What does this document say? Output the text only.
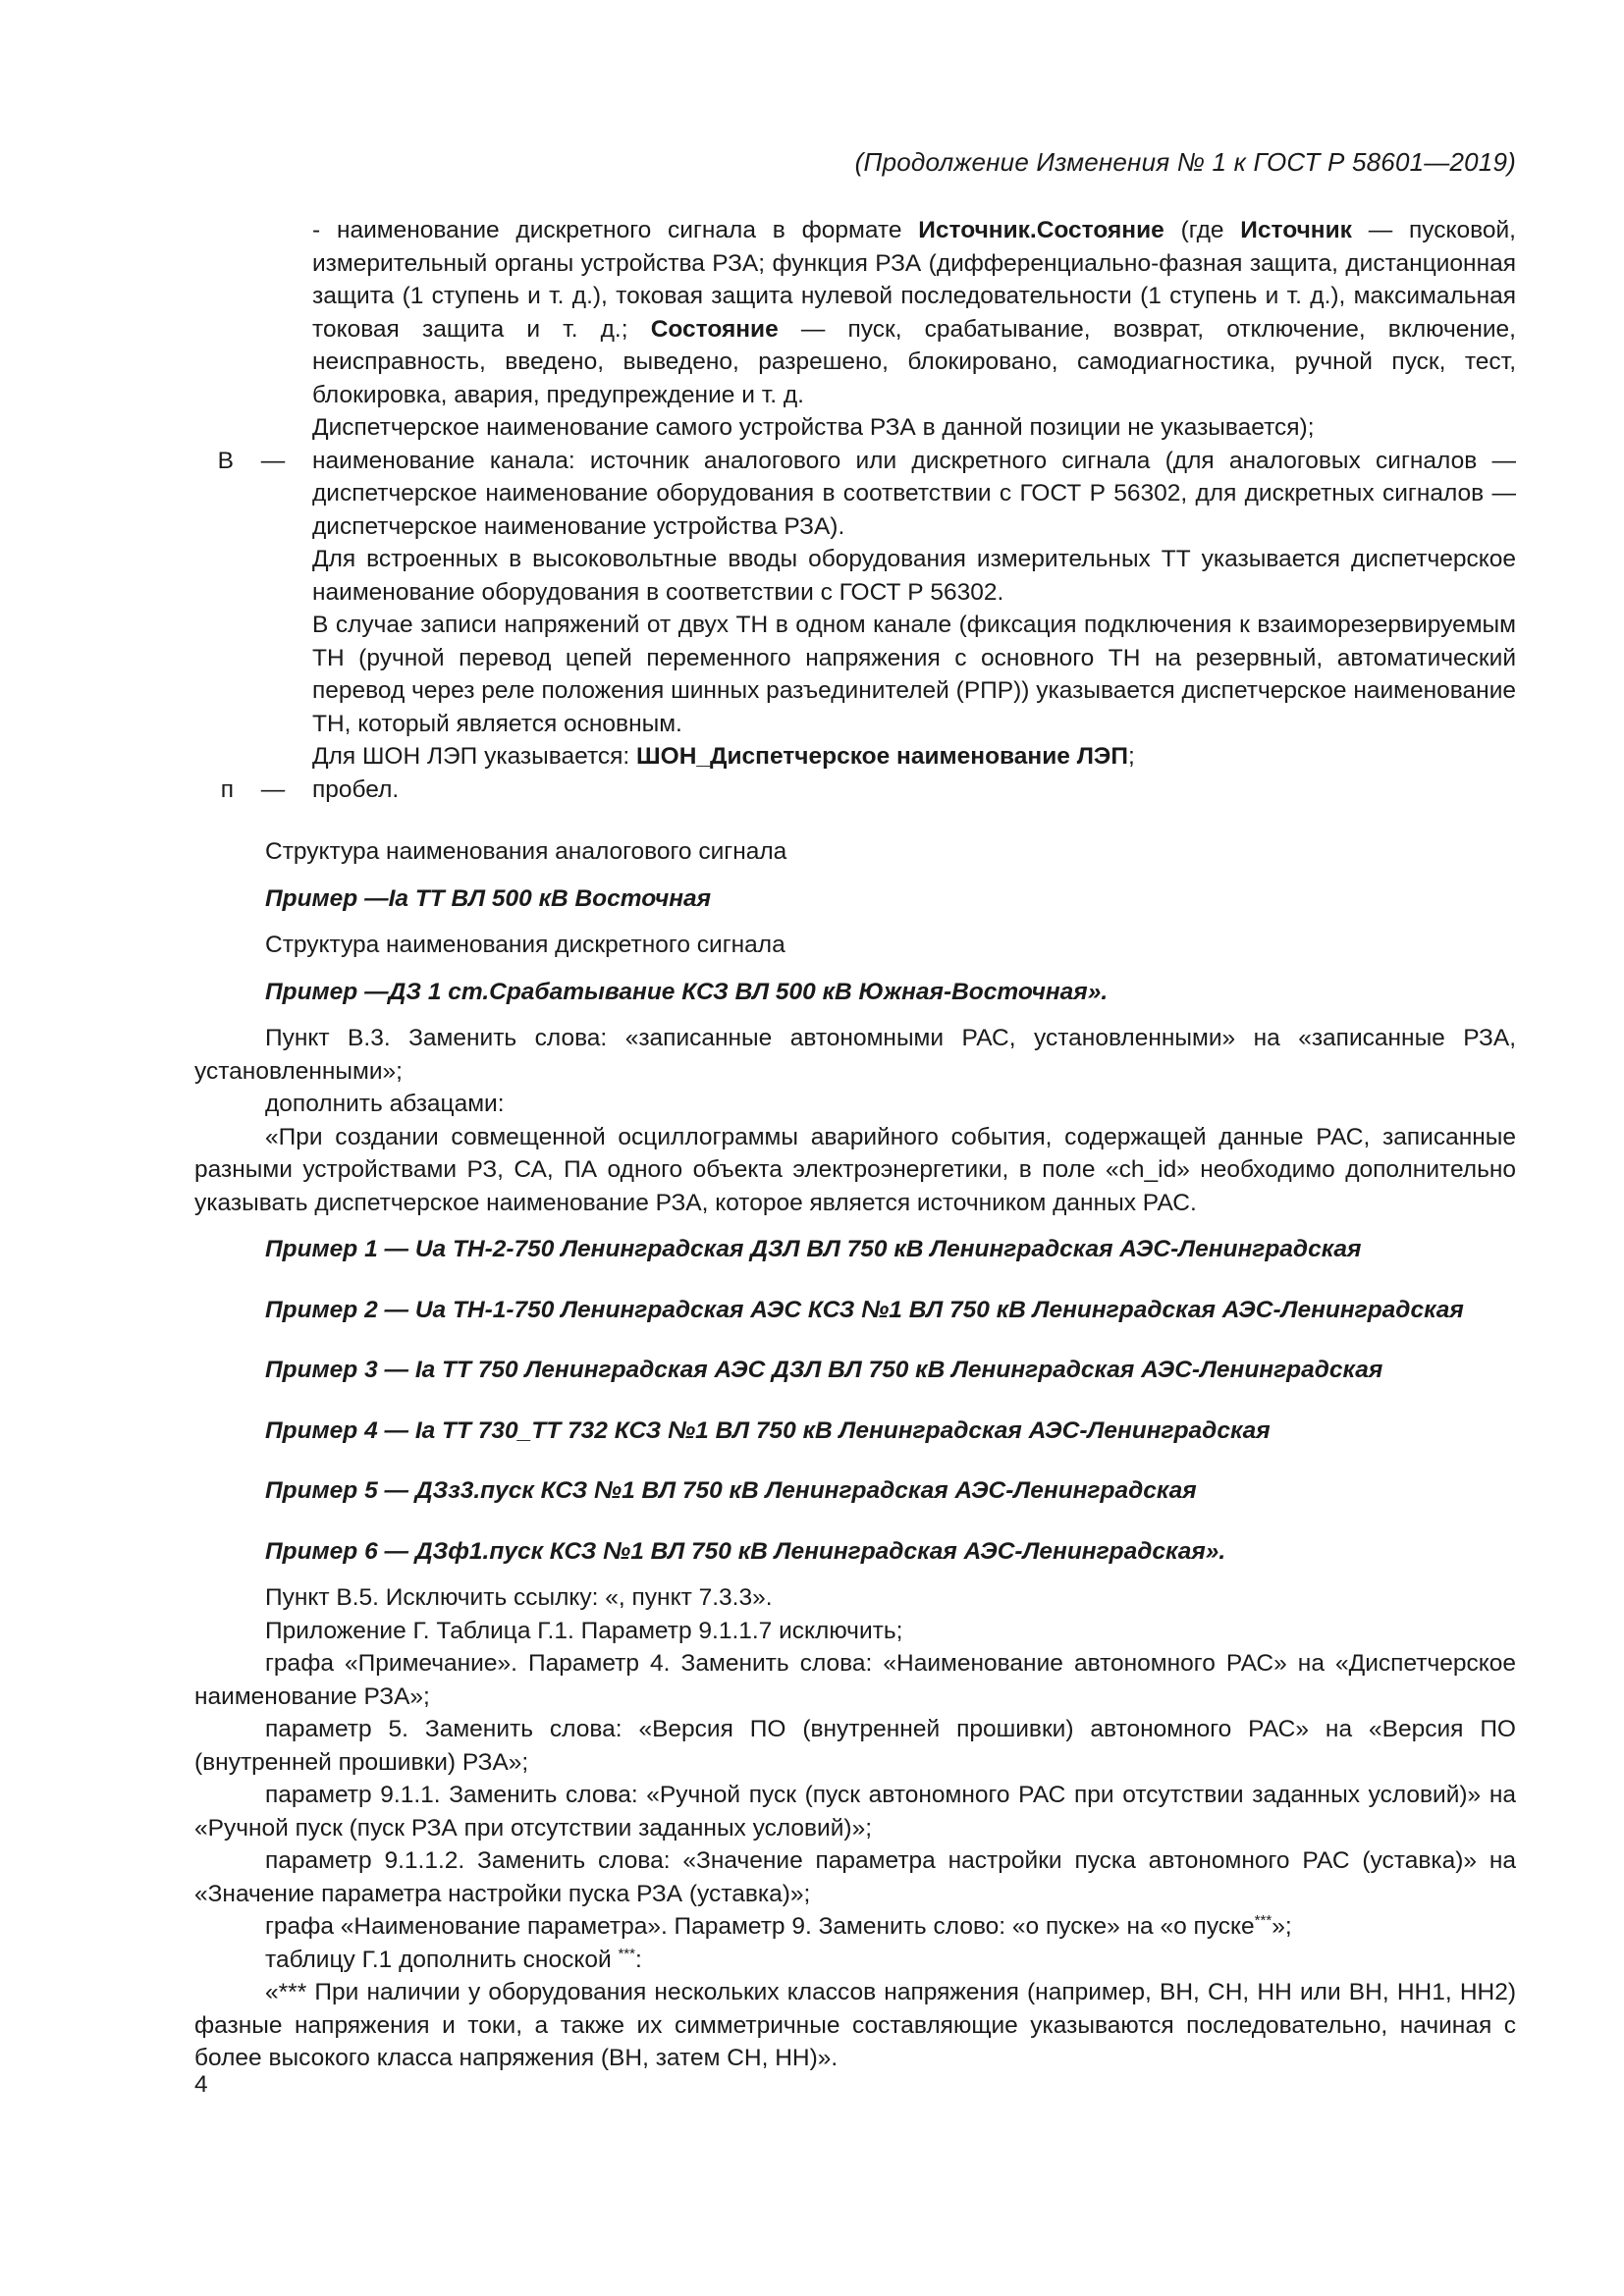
(Продолжение Изменения № 1 к ГОСТ Р 58601—2019)

- наименование дискретного сигнала в формате Источник.Состояние (где Источник — пусковой, измерительный органы устройства РЗА; функция РЗА (дифференциально-фазная защита, дистанционная защита (1 ступень и т. д.), токовая защита нулевой последовательности (1 ступень и т. д.), максимальная токовая защита и т. д.; Состояние — пуск, срабатывание, возврат, отключение, включение, неисправность, введено, выведено, разрешено, блокировано, самодиагностика, ручной пуск, тест, блокировка, авария, предупреждение и т. д.

Диспетчерское наименование самого устройства РЗА в данной позиции не указывается);

В	—	наименование канала: источник аналогового или дискретного сигнала (для аналоговых сигналов — диспетчерское наименование оборудования в соответствии с ГОСТ Р 56302, для дискретных сигналов — диспетчерское наименование устройства РЗА).

Для встроенных в высоковольтные вводы оборудования измерительных ТТ указывается диспетчерское наименование оборудования в соответствии с ГОСТ Р 56302.

В случае записи напряжений от двух ТН в одном канале (фиксация подключения к взаиморезервируемым ТН (ручной перевод цепей переменного напряжения с основного ТН на резервный, автоматический перевод через реле положения шинных разъединителей (РПР)) указывается диспетчерское наименование ТН, который является основным.

Для ШОН ЛЭП указывается: ШОН_Диспетчерское наименование ЛЭП;

п	—	пробел.

Структура наименования аналогового сигнала

Пример —Ia ТТ ВЛ 500 кВ Восточная

Структура наименования дискретного сигнала

Пример —ДЗ 1 ст.Срабатывание КСЗ ВЛ 500 кВ Южная-Восточная».

Пункт В.3. Заменить слова: «записанные автономными РАС, установленными» на «записанные РЗА, установленными»;

дополнить абзацами:

«При создании совмещенной осциллограммы аварийного события, содержащей данные РАС, записанные разными устройствами РЗ, СА, ПА одного объекта электроэнергетики, в поле «ch_id» необходимо дополнительно указывать диспетчерское наименование РЗА, которое является источником данных РАС.

Пример 1 — Ua ТН-2-750 Ленинградская ДЗЛ ВЛ 750 кВ Ленинградская АЭС-Ленинградская

Пример 2 — Ua ТН-1-750 Ленинградская АЭС КСЗ №1 ВЛ 750 кВ Ленинградская АЭС-Ленинградская

Пример 3 — Ia ТТ 750 Ленинградская АЭС ДЗЛ ВЛ 750 кВ Ленинградская АЭС-Ленинградская

Пример 4 — Ia ТТ 730_ТТ 732 КСЗ №1 ВЛ 750 кВ Ленинградская АЭС-Ленинградская

Пример 5 — ДЗз3.пуск КСЗ №1 ВЛ 750 кВ Ленинградская АЭС-Ленинградская

Пример 6 — ДЗф1.пуск КСЗ №1 ВЛ 750 кВ Ленинградская АЭС-Ленинградская».

Пункт В.5. Исключить ссылку: «, пункт 7.3.3».

Приложение Г. Таблица Г.1. Параметр 9.1.1.7 исключить;

графа «Примечание». Параметр 4. Заменить слова: «Наименование автономного РАС» на «Диспетчерское наименование РЗА»;

параметр 5. Заменить слова: «Версия ПО (внутренней прошивки) автономного РАС» на «Версия ПО (внутренней прошивки) РЗА»;

параметр 9.1.1. Заменить слова: «Ручной пуск (пуск автономного РАС при отсутствии заданных условий)» на «Ручной пуск (пуск РЗА при отсутствии заданных условий)»;

параметр 9.1.1.2. Заменить слова: «Значение параметра настройки пуска автономного РАС (уставка)» на «Значение параметра настройки пуска РЗА (уставка)»;

графа «Наименование параметра». Параметр 9. Заменить слово: «о пуске» на «о пуске***»;

таблицу Г.1 дополнить сноской ***:

«*** При наличии у оборудования нескольких классов напряжения (например, ВН, СН, НН или ВН, НН1, НН2) фазные напряжения и токи, а также их симметричные составляющие указываются последовательно, начиная с более высокого класса напряжения (ВН, затем СН, НН)».

4
